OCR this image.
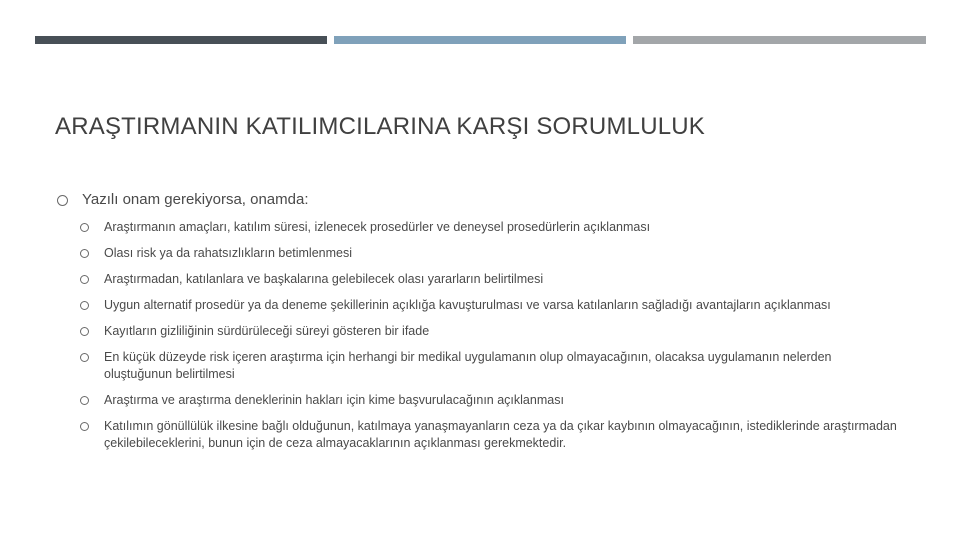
ARAŞTIRMANIN KATILIMCILARINA KARŞI SORUMLULUK
Yazılı onam gerekiyorsa, onamda:
Araştırmanın amaçları, katılım süresi, izlenecek prosedürler ve deneysel prosedürlerin açıklanması
Olası risk ya da rahatsızlıkların betimlenmesi
Araştırmadan, katılanlara ve başkalarına gelebilecek olası yararların belirtilmesi
Uygun alternatif prosedür ya da deneme şekillerinin açıklığa kavuşturulması ve varsa katılanların sağladığı avantajların açıklanması
Kayıtların gizliliğinin sürdürüleceği süreyi gösteren bir ifade
En küçük düzeyde risk içeren araştırma için herhangi bir medikal uygulamanın olup olmayacağının, olacaksa uygulamanın nelerden oluştuğunun belirtilmesi
Araştırma ve araştırma deneklerinin hakları için kime başvurulacağının açıklanması
Katılımın gönüllülük ilkesine bağlı olduğunun, katılmaya yanaşmayanların ceza ya da çıkar kaybının olmayacağının, istediklerinde araştırmadan çekilebileceklerini, bunun için de ceza almayacaklarının açıklanması gerekmektedir.
